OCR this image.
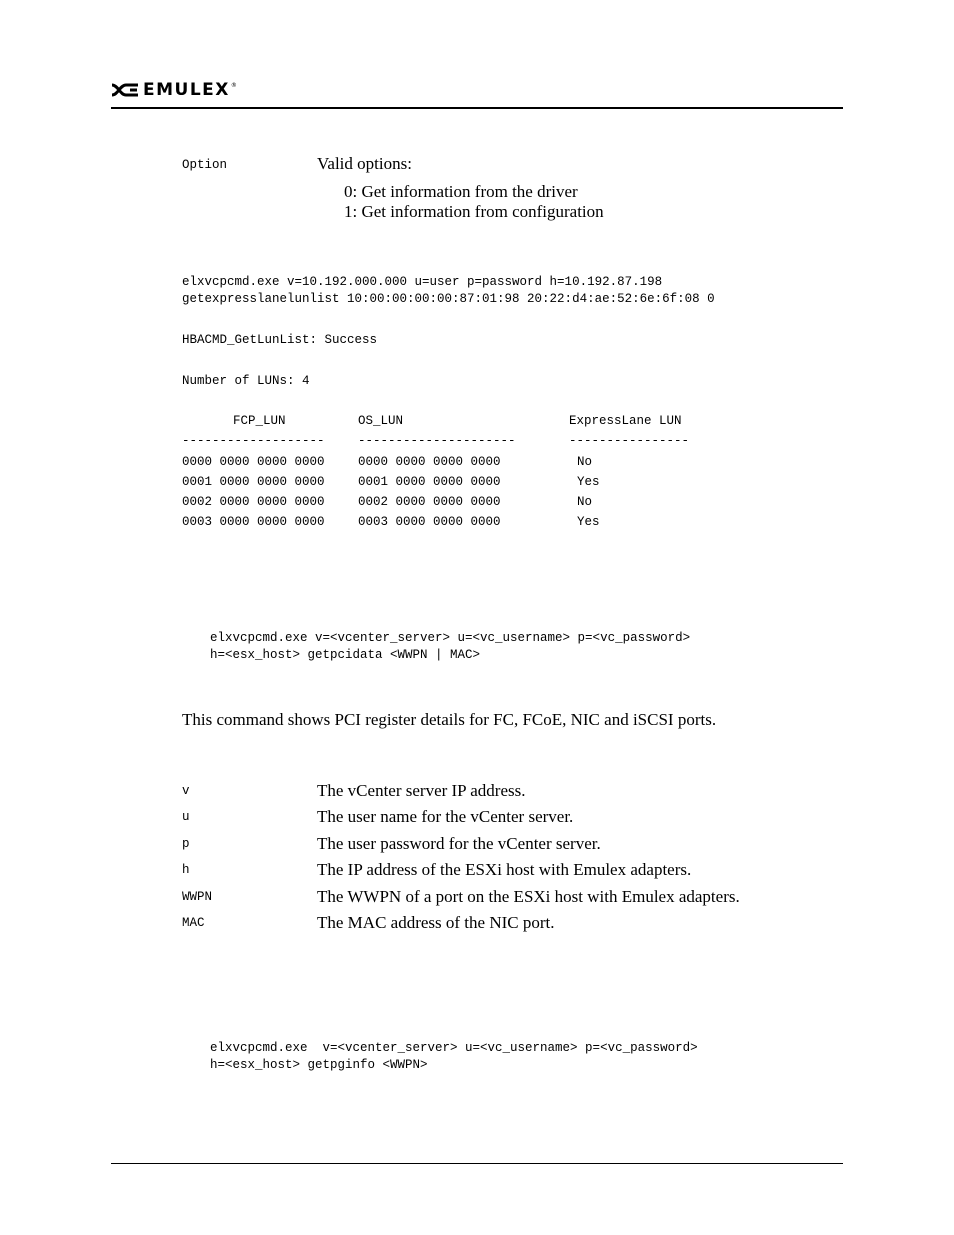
EMULEX ®
Option	Valid options:
0: Get information from the driver
1: Get information from configuration
elxvcpcmd.exe v=10.192.000.000 u=user p=password h=10.192.87.198
getexpresslanelunlist 10:00:00:00:00:87:01:98 20:22:d4:ae:52:6e:6f:08 0
HBACMD_GetLunList: Success
Number of LUNs: 4
FCP_LUN	OS_LUN	ExpressLane LUN
-------------------	---------------------	----------------
0000 0000 0000 0000	0000 0000 0000 0000	No
0001 0000 0000 0000	0001 0000 0000 0000	Yes
0002 0000 0000 0000	0002 0000 0000 0000	No
0003 0000 0000 0000	0003 0000 0000 0000	Yes
elxvcpcmd.exe v=<vcenter_server> u=<vc_username> p=<vc_password>
h=<esx_host> getpcidata <WWPN | MAC>
This command shows PCI register details for FC, FCoE, NIC and iSCSI ports.
v	The vCenter server IP address.
u	The user name for the vCenter server.
p	The user password for the vCenter server.
h	The IP address of the ESXi host with Emulex adapters.
WWPN	The WWPN of a port on the ESXi host with Emulex adapters.
MAC	The MAC address of the NIC port.
elxvcpcmd.exe  v=<vcenter_server> u=<vc_username> p=<vc_password>
h=<esx_host> getpginfo <WWPN>
